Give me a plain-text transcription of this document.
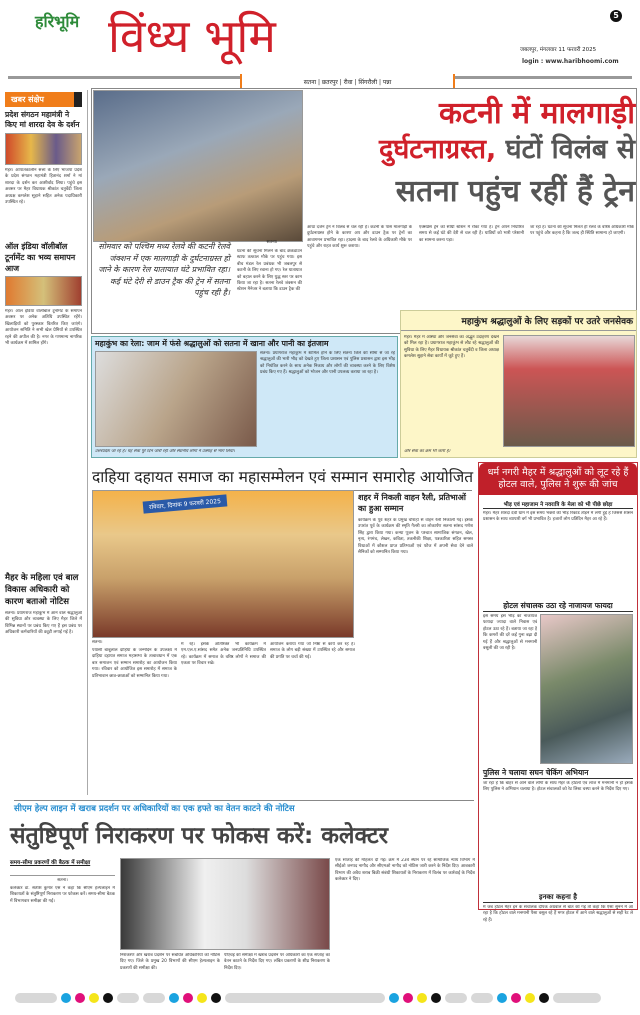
हरिभूमि विंध्य भूमि	5
जबलपुर, मंगलवार 11 फरवरी 2025
login : www.haribhoomi.com
सतना | छतरपुर | रीवा | सिंगरौली | पन्ना
खबर संक्षेप
प्रदेश संगठन महामंत्री ने किए मां शारदा देव के दर्शन
मैहर। आपातकालीन सत्ता के लिए भाजपा प्रदेश के प्रदेश संगठन महामंत्री हितानंद शर्मा ने मां शारदा के दर्शन कर आशीर्वाद लिया। पहुंचे इस अवसर पर मैहर विधायक श्रीकांत चतुर्वेदी जिला अध्यक्ष कमलेश सुहाने सहित अनेक पदाधिकारी उपस्थित रहे।
ऑल इंडिया वॉलीबॉल टूर्नामेंट का भव्य समापन आज
मैहर। ऑल इंडिया वॉलीबॉल टूर्नामेंट के समापन अवसर पर अनेक अतिथि उपस्थित रहेंगे। खिलाड़ियों को पुरस्कार वितरित किए जाएंगे। आयोजन समिति ने सभी खेल प्रेमियों से उपस्थित रहने की अपील की है। नगर के गणमान्य नागरिक भी कार्यक्रम में शामिल होंगे।
मैहर के महिला एवं बाल विकास अधिकारी को कारण बताओ नोटिस
सतना। प्रयागराज महाकुंभ में आने वाले श्रद्धालुओं की सुविधा और व्यवस्था के लिए मैहर जिले में विभिन्न स्थानों पर प्रबंध किए गए हैं इस प्रबंध पर अधिकारी कर्मचारियों की ड्यूटी लगाई गई है।
कटनी में मालगाड़ी
दुर्घटनाग्रस्त, घंटों विलंब से
सतना पहुंच रहीं हैं ट्रेन
सोमवार को पश्चिम मध्य रेलवे की कटनी रेलवे जंक्शन में एक मालगाड़ी के दुर्घटनाग्रस्त हो जाने के कारण रेल यातायात घंटे प्रभावित रहा। कई घंटे देरी से डाउन ट्रैक की ट्रेन में सतना पहुंच रही है।
सतना।
घटना की सूचना मिलने के बाद क्रेकडाउन स्टाफ तत्काल मौके पर पहुंच गया। इस बीच मंडल रेल प्रबंधक भी जबलपुर से कटनी के लिए रवाना हो गए। रेल यातायात को बहाल करने के लिए युद्ध स्तर पर काम किया जा रहा है। सतना रेलवे जंक्शन की स्टेशन मैनेजर ने बताया कि डाउन ट्रैक की
आधा दर्जन ट्रेनें ने विलंब से चल रही हैं। कटनी के पास मालगाड़ी के दुर्घटनाग्रस्त होने के कारण अप और डाउन ट्रैक पर ट्रेनों का आवागमन प्रभावित रहा। हादसा के बाद रेलवे के अधिकारी मौके पर पहुंचे और राहत कार्य शुरू कराया।
एक्सप्रेस ट्रेन को सीधी स्टेशन में रोका गया है। ट्रेन अपने निर्धारित समय से कई घंटे की देरी से चल रही है। यात्रियों को भारी परेशानी का सामना करना पड़ा।
जा रहा है। घटना की सूचना मिलते ही रेलवे के वरिष्ठ अधिकारी मौके पर पहुंचे और कहना है कि जल्द ही स्थिति सामान्य हो जाएगी।
महाकुंभ का रेला: जाम में फंसे श्रद्धालुओं को सतना में खाना और पानी का इंतजाम
सतना। प्रयागराज महाकुंभ में शामिल होने के लिए सतना जिले की सीमा से जा रहे श्रद्धालुओं की भारी भीड़ को देखते हुए जिला प्रशासन एवं पुलिस प्रशासन द्वारा इस भीड़ को नियंत्रित करने के साथ अनेक निकाय और लोगों की व्यवस्था करने के लिए विशेष प्रबंध किए गए हैं। श्रद्धालुओं को भोजन और पानी उपलब्ध कराया जा रहा है।
उत्तरप्रदेश जा रहे हैं। यह सेवा पूरे दिन जारी रही और स्थानीय लोगों ने उत्साह से भाग लिया।
महाकुंभ श्रद्धालुओं के लिए सड़कों पर उतरे जनसेवक
मैहर। मैहर में आस्था और जनसेवा का अद्भुत उदाहरण देखने को मिल रहा है। प्रयागराज महाकुंभ से लौट रहे श्रद्धालुओं की सुविधा के लिए मैहर विधायक श्रीकांत चतुर्वेदी व जिला अध्यक्ष कमलेश सुहाने सेवा कार्यों में जुटे हुए हैं।
और सेवा का क्रम भी जारी है।
दाहिया दहायत समाज का महासम्मेलन एवं सम्मान समारोह आयोजित
रविवार, दिनांक 9 फरवरी 2025
सतना।
पयासी बाबूलाल दाहिया के जन्मदिन के उपलक्ष्य में दाहिया दहायत समाज महासभा के तत्वावधान में एक बार समाजन एवं सम्मान समारोह का आयोजन किया गया। रविवार को आयोजित इस समारोह में समाज के प्रतिभावान छात्र-छात्राओं को सम्मानित किया गया।
मैं रहे। इसके अतिरिक्त भी कार्यक्रम में एम.एल.ए.सांसद समेत अनेक जनप्रतिनिधि उपस्थित रहे। कार्यक्रम में समाज के वरिष्ठ लोगों ने समाज की एकता पर विचार रखे।
आयोजन कराया गया जो निष्ठा से कार्य कर रहे हैं। समाज के लोग बड़ी संख्या में उपस्थित रहे और समाज की प्रगति पर चर्चा की गई।
शहर में निकली वाहन रैली, प्रतिभाओं का हुआ सम्मान
कार्यक्रम के पूर्व शहर के प्रमुख चौराहों से वाहन रैली निकाली गई। इसके उपरांत पूर्व के कार्यक्रम की स्मृति गैलरी का लोकार्पण सतना सांसद गणेश सिंह द्वारा किया गया। कन्या पूजन के पश्चात सामाजिक संगठन, खेल, नृत्य, रंगमंच, लेखन, कविता, तकनीकी शिक्षा, पत्रकारिता सहित समस्त विधाओं में कौशल प्राप्त प्रतिभाओं एवं फौज में अपनी सेवा देने वाले सैनिकों को सम्मानित किया गया।
धर्म नगरी मैहर में श्रद्धालुओं को लूट रहे हैं होटल वाले, पुलिस ने शुरू की जांच
भीड़ एवं महाजाम ने नवरात्रि के मेला को भी पीछे छोड़ा
मैहर। मैहर शारदा देवी धाम में इस समय भक्तों की भीड़ रिकार्ड तोड़ने में लगी हुई है जिससे शासन प्रशासन के साथ व्यापारी वर्ग भी प्रभावित है। हजारों लोग प्रतिदिन मैहर आ रहे हैं।
होटल संचालक उठा रहे नाजायज फायदा
इस समय इस भीड़ का नाजायज फायदा ज्यादा वाले निवास एवं होटल उठा रहे हैं। बताया जा रहा है कि कमरों की दरें कई गुना बढ़ा दी गई हैं और श्रद्धालुओं से मनमानी वसूली की जा रही है।
पुलिस ने चलाया सघन चेकिंग अभियान
जा रहा है कि बाहर से आने वाले लोगों के साथ मैहर के होटलों एवं लॉज में मनमानी न हो इसके लिए पुलिस ने अभियान चलाया है। होटल संचालकों को रेट लिस्ट चस्पा करने के निर्देश दिए गए।
इनका कहना है
मैं जब होटल मैहर इन के संचालक दीपक अग्रवाल से बात की गई तो कहा कि ऐसा सुनने में आ रहा है कि होटल वाले मनमानी पैसा वसूल रहे हैं मगर होटल में आने वाले श्रद्धालुओं से सही रेट ले रहे हैं।
सीएम हेल्प लाइन में खराब प्रदर्शन पर अधिकारियों का एक हफ्ते का वेतन काटने की नोटिस
संतुष्टिपूर्ण निराकरण पर फोकस करें: कलेक्टर
समय-सीमा प्रकरणों की बैठक में समीक्षा
सतना।
कलेक्टर डॉ. सतीश कुमार एस ने कहा कि सीएम हेल्पलाइन में शिकायतों के संतुष्टिपूर्ण निराकरण पर फोकस करें। समय-सीमा बैठक में विभागवार समीक्षा की गई।
निराकरण और खराब प्रदर्शन पर संबंधित अधिकारियों को नोटिस दिए गए। जिले के प्रमुख 20 विभागों की सीएम हेल्पलाइन के प्रकरणों की समीक्षा की।
पीएचई की समीक्षा में खराब प्रदर्शन पर अधिकारी का एक सप्ताह का वेतन काटने के निर्देश दिए गए। लंबित प्रकरणों के शीघ्र निराकरण के निर्देश दिए।
एक सप्ताह की मोहलत दी गई। क्रम में 23वें स्थान पर रहे सामाजिक न्याय विभाग में सीईओ जनपद नागौद और सीएमओ नागौद को नोटिस जारी करने के निर्देश दिए। आबकारी विभाग की अवैध शराब बिक्री संबंधी शिकायतों के निराकरण में विलंब पर कार्रवाई के निर्देश कलेक्टर ने दिए।
